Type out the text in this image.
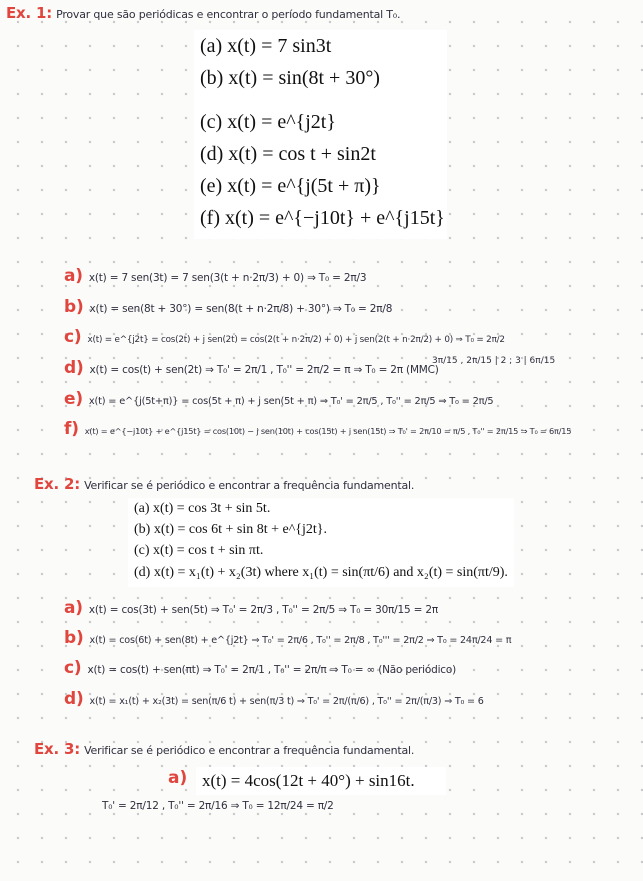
Ex. 1: Provar que são periódicas e encontrar o período fundamental T₀.
(a) x(t) = 7 sin3t
(b) x(t) = sin(8t + 30°)
(c) x(t) = e^{j2t}
(d) x(t) = cos t + sin2t
(e) x(t) = e^{j(5t + π)}
(f) x(t) = e^{−j10t} + e^{j15t}
a) x(t) = 7 sen(3t) = 7 sen(3(t + n·2π/3) + 0) ⇒ T₀ = 2π/3
b) x(t) = sen(8t + 30°) = sen(8(t + n·2π/8) + 30°) ⇒ T₀ = 2π/8
c) x(t) = e^{j2t} = cos(2t) + j sen(2t) = cos(2(t + n·2π/2) + 0) + j sen(2(t + n·2π/2) + 0) ⇒ T₀ = 2π/2
d) x(t) = cos(t) + sen(2t) ⇒ T₀' = 2π/1 , T₀'' = 2π/2 = π ⇒ T₀ = 2π (MMC)
3π/15 , 2π/15 | 2 ; 3 | 6π/15
e) x(t) = e^{j(5t+π)} = cos(5t + π) + j sen(5t + π) ⇒ T₀' = 2π/5 , T₀'' = 2π/5 ⇒ T₀ = 2π/5
f) x(t) = e^{−j10t} + e^{j15t} = cos(10t) − j sen(10t) + cos(15t) + j sen(15t) ⇒ T₀' = 2π/10 = π/5 , T₀'' = 2π/15 ⇒ T₀ = 6π/15
Ex. 2: Verificar se é periódico e encontrar a frequência fundamental.
(a) x(t) = cos 3t + sin 5t.
(b) x(t) = cos 6t + sin 8t + e^{j2t}.
(c) x(t) = cos t + sin πt.
(d) x(t) = x₁(t) + x₂(3t) where x₁(t) = sin(πt/6) and x₂(t) = sin(πt/9).
a) x(t) = cos(3t) + sen(5t) ⇒ T₀' = 2π/3 , T₀'' = 2π/5 ⇒ T₀ = 30π/15 = 2π
b) x(t) = cos(6t) + sen(8t) + e^{j2t} ⇒ T₀' = 2π/6 , T₀'' = 2π/8 , T₀''' = 2π/2 ⇒ T₀ = 24π/24 = π
c) x(t) = cos(t) + sen(πt) ⇒ T₀' = 2π/1 , T₀'' = 2π/π ⇒ T₀ = ∞ (Não periódico)
d) x(t) = x₁(t) + x₂(3t) = sen(π/6 t) + sen(π/3 t) ⇒ T₀' = 2π/(π/6) , T₀'' = 2π/(π/3) ⇒ T₀ = 6
Ex. 3: Verificar se é periódico e encontrar a frequência fundamental.
a) x(t) = 4cos(12t + 40°) + sin16t.
T₀' = 2π/12 , T₀'' = 2π/16 ⇒ T₀ = 12π/24 = π/2
